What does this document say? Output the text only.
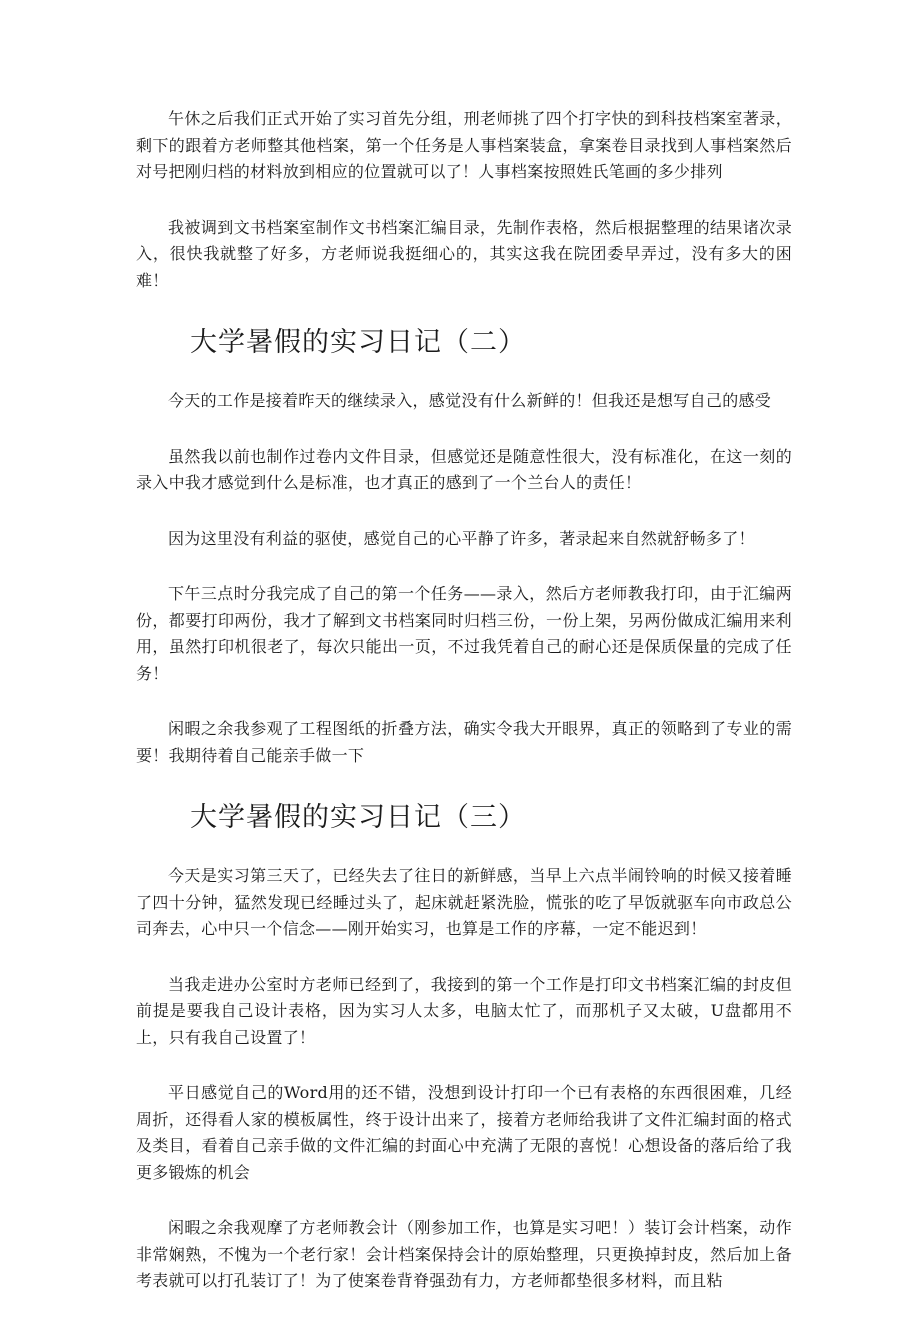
午休之后我们正式开始了实习首先分组，刑老师挑了四个打字快的到科技档案室著录，剩下的跟着方老师整其他档案，第一个任务是人事档案装盒，拿案卷目录找到人事档案然后对号把刚归档的材料放到相应的位置就可以了！人事档案按照姓氏笔画的多少排列

我被调到文书档案室制作文书档案汇编目录，先制作表格，然后根据整理的结果诸次录入，很快我就整了好多，方老师说我挺细心的，其实这我在院团委早弄过，没有多大的困难！

大学暑假的实习日记（二）

今天的工作是接着昨天的继续录入，感觉没有什么新鲜的！但我还是想写自己的感受

虽然我以前也制作过卷内文件目录，但感觉还是随意性很大，没有标准化，在这一刻的录入中我才感觉到什么是标准，也才真正的感到了一个兰台人的责任！

因为这里没有利益的驱使，感觉自己的心平静了许多，著录起来自然就舒畅多了！

下午三点时分我完成了自己的第一个任务——录入，然后方老师教我打印，由于汇编两份，都要打印两份，我才了解到文书档案同时归档三份，一份上架，另两份做成汇编用来利用，虽然打印机很老了，每次只能出一页，不过我凭着自己的耐心还是保质保量的完成了任务！

闲暇之余我参观了工程图纸的折叠方法，确实令我大开眼界，真正的领略到了专业的需要！我期待着自己能亲手做一下

大学暑假的实习日记（三）

今天是实习第三天了，已经失去了往日的新鲜感，当早上六点半闹铃响的时候又接着睡了四十分钟，猛然发现已经睡过头了，起床就赶紧洗脸，慌张的吃了早饭就驱车向市政总公司奔去，心中只一个信念——刚开始实习，也算是工作的序幕，一定不能迟到！

当我走进办公室时方老师已经到了，我接到的第一个工作是打印文书档案汇编的封皮但前提是要我自己设计表格，因为实习人太多，电脑太忙了，而那机子又太破，U盘都用不上，只有我自己设置了！

平日感觉自己的Word用的还不错，没想到设计打印一个已有表格的东西很困难，几经周折，还得看人家的模板属性，终于设计出来了，接着方老师给我讲了文件汇编封面的格式及类目，看着自己亲手做的文件汇编的封面心中充满了无限的喜悦！心想设备的落后给了我更多锻炼的机会

闲暇之余我观摩了方老师教会计（刚参加工作，也算是实习吧！）装订会计档案，动作非常娴熟，不愧为一个老行家！会计档案保持会计的原始整理，只更换掉封皮，然后加上备考表就可以打孔装订了！为了使案卷背脊强劲有力，方老师都垫很多材料，而且粘
